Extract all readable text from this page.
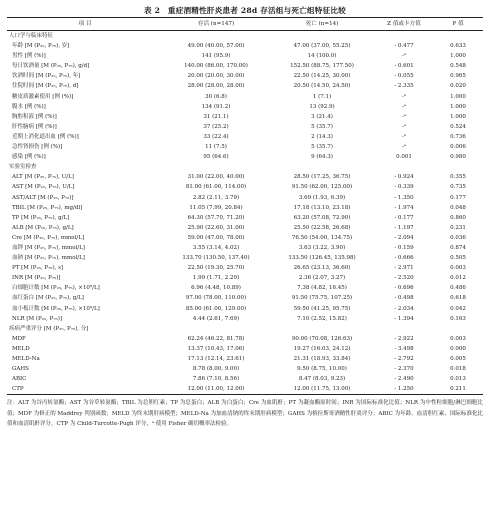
表 2　重症酒精性肝炎患者 28d 存活组与死亡组特征比较
项 目	存活 (n=147)	死亡 (n=14)	Z 值或卡方值	P 值
人口学与临床特征				
年龄 [M (P₂₅, P₇₅), 岁]	49.00 (40.00, 57.00)	47.00 (37.00, 55.25)	- 0.477	0.633
男性 [例 (%)]	141 (95.9)	14 (100.0)	-ᵃ	1.000
每日饮酒量 [M (P₂₅, P₇₅), g/d]	140.00 (86.00, 170.00)	152.50 (88.75, 177.50)	- 0.601	0.548
饮酒时间 [M (P₂₅, P₇₅), 年]	20.00 (20.00, 30.00)	22.50 (14.25, 30.00)	- 0.055	0.965
住院时间 [M (P₂₅, P₇₅), d]	28.00 (28.00, 28.00)	20.50 (14.50, 24.50)	- 2.335	0.020
糖皮质激素使用 [例 (%)]	30 (6.8)	1 (7.1)	-ᵃ	1.000
腹水 [例 (%)]	134 (91.2)	13 (92.9)	-ᵃ	1.000
胸腔积液 [例 (%)]	31 (21.1)	3 (21.4)	-ᵃ	1.000
肝性脑病 [例 (%)]	37 (25.2)	5 (35.7)	-ᵃ	0.524
近期上消化道出血 [例 (%)]	33 (22.4)	2 (14.3)	-ᵃ	0.736
急性肾损伤 [例 (%)]	11 (7.5)	5 (35.7)	-ᵃ	0.006
感染 [例 (%)]	95 (64.6)	9 (64.3)	0.001	0.980
实验室检查				
ALT [M (P₂₅, P₇₅), U/L]	31.00 (22.00, 40.00)	28.50 (17.25, 36.75)	- 0.924	0.355
AST [M (P₂₅, P₇₅), U/L]	81.00 (61.00, 114.00)	91.50 (62.00, 125.00)	- 0.339	0.735
AST/ALT [M (P₂₅, P₇₅)]	2.82 (2.11, 3.79)	3.69 (1.93, 6.39)	- 1.350	0.177
TBIL [M (P₂₅, P₇₅), mg/dl]	11.05 (7.99, 20.84)	17.18 (13.10, 23.18)	- 1.974	0.048
TP [M (P₂₅, P₇₅), g/L]	64.30 (57.70, 71.20)	63.20 (57.08, 72.90)	- 0.177	0.860
ALB [M (P₂₅, P₇₅), g/L]	25.90 (22.60, 31.00)	25.50 (22.58, 26.68)	- 1.197	0.231
Cre [M (P₂₅, P₇₅), mmol/L]	59.00 (47.00, 78.00)	76.50 (54.00, 134.75)	- 2.094	0.036
血钾 [M (P₂₅, P₇₅), mmol/L]	3.55 (3.14, 4.02)	3.63 (3.22, 3.90)	- 0.159	0.874
血钠 [M (P₂₅, P₇₅), mmol/L]	133.70 (130.50, 137.40)	133.50 (126.45, 135.98)	- 0.666	0.505
PT [M (P₂₅, P₇₅), s]	22.50 (19.30, 25.70)	26.65 (23.13, 36.60)	- 2.971	0.003
INR [M (P₂₅, P₇₅)]	1.99 (1.71, 2.29)	2.36 (2.07, 3.27)	- 2.520	0.012
白细胞计数 [M (P₂₅, P₇₅), ×10⁹/L]	6.96 (4.48, 10.89)	7.38 (4.82, 16.45)	- 0.696	0.486
血红蛋白 [M (P₂₅, P₇₅), g/L]	97.00 (78.00, 110.00)	91.50 (75.75, 107.25)	- 0.498	0.618
血小板计数 [M (P₂₅, P₇₅), ×10⁹/L]	85.00 (61.00, 129.00)	59.50 (41.25, 95.75)	- 2.034	0.042
NLR [M (P₂₅, P₇₅)]	4.44 (2.61, 7.69)	7.10 (2.52, 15.82)	- 1.394	0.163
疾病严重评分 [M (P₂₅, P₇₅), 分]				
MDF	62.24 (46.22, 81.78)	90.00 (70.08, 126.63)	- 2.922	0.003
MELD	13.37 (10.43, 17.06)	19.27 (16.03, 24.12)	- 3.498	0.000
MELD-Na	17.13 (12.14, 23.61)	21.31 (18.93, 33.84)	- 2.792	0.005
GAHS	8.78 (8.00, 9.00)	9.50 (8.75, 10.00)	- 2.370	0.018
ABIC	7.86 (7.10, 8.56)	8.47 (8.03, 9.23)	- 2.490	0.013
CTP	12.00 (11.00, 12.00)	12.00 (11.75, 13.00)	- 1.250	0.211
注：ALT 为谷丙转氨酶；AST 为谷草转氨酶；TBIL 为总胆红素；TP 为总蛋白；ALB 为白蛋白；Cre 为血肌酐；PT 为凝血酶原时间；INR 为国际标准化比值；NLR 为中性粒细胞/淋巴细胞比值；MDF 为修正的 Maddrey 判别函数；MELD 为终末期肝病模型；MELD-Na 为加血清钠的终末期肝病模型；GAHS 为格拉斯哥酒精性肝炎评分；ABIC 为年龄、血清胆红素、国际标准化比值和血清肌酐评分。CTP 为 Child-Turcotte-Pugh 评分，ᵃ 使用 Fisher 确切概率法检验。
